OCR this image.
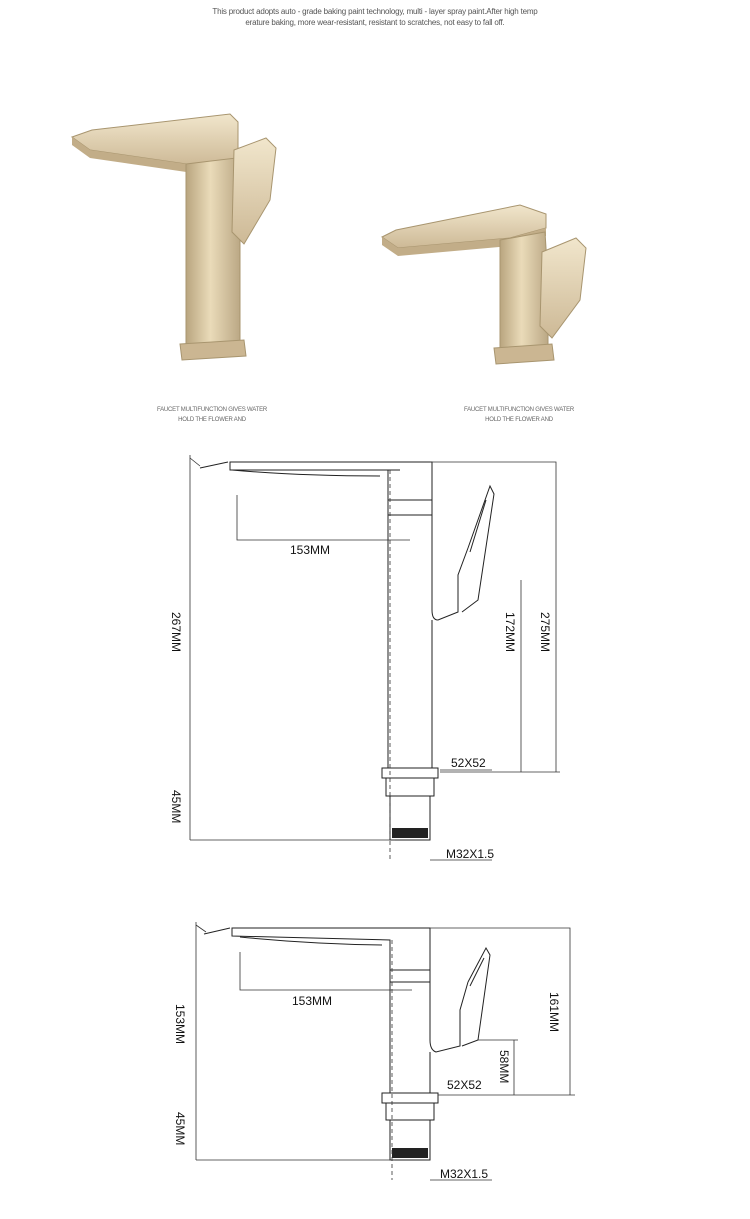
This product adopts auto - grade baking paint technology, multi - layer spray paint.After high temp
erature baking, more wear-resistant, resistant to scratches, not easy to fall off.
FAUCET MULTIFUNCTION GIVES WATER
HOLD THE FLOWER AND
FAUCET MULTIFUNCTION GIVES WATER
HOLD THE FLOWER AND
153MM
52X52
M32X1.5
267MM
45MM
172MM 275MM
153MM
52X52
M32X1.5
153MM
45MM
58MM
161MM
